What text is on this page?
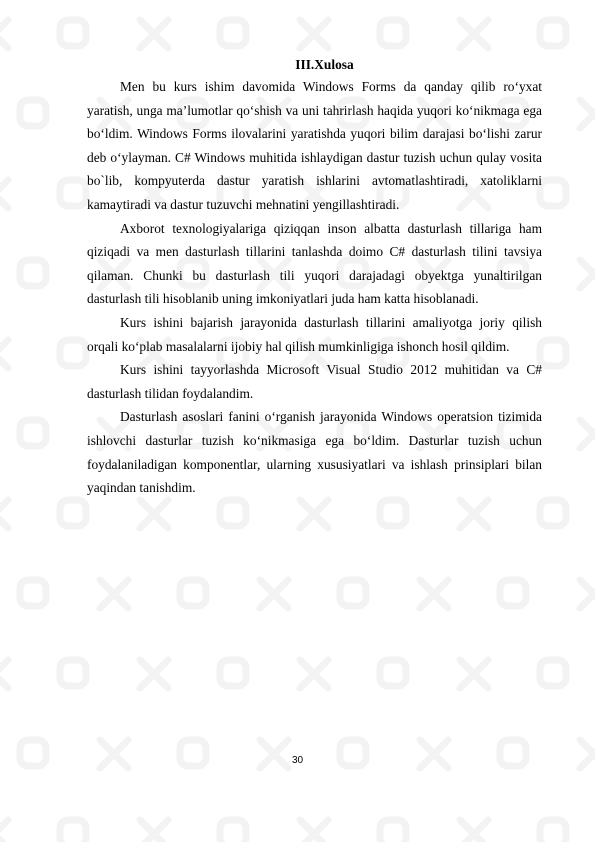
III.Xulosa

Men bu kurs ishim davomida Windows Forms da qanday qilib ro‘yxat yaratish, unga ma’lumotlar qo‘shish va uni tahrirlash haqida yuqori ko‘nikmaga ega bo‘ldim. Windows Forms ilovalarini yaratishda yuqori bilim darajasi bo‘lishi zarur deb o‘ylayman. C# Windows muhitida ishlaydigan dastur tuzish uchun qulay vosita bo`lib, kompyuterda dastur yaratish ishlarini avtomatlashtiradi, xatoliklarni kamaytiradi va dastur tuzuvchi mehnatini yengillashtiradi.

Axborot texnologiyalariga qiziqqan inson albatta dasturlash tillariga ham qiziqadi va men dasturlash tillarini tanlashda doimo C# dasturlash tilini tavsiya qilaman. Chunki bu dasturlash tili yuqori darajadagi obyektga yunaltirilgan dasturlash tili hisoblanib uning imkoniyatlari juda ham katta hisoblanadi.

Kurs ishini bajarish jarayonida dasturlash tillarini amaliyotga joriy qilish orqali ko‘plab masalalarni ijobiy hal qilish mumkinligiga ishonch hosil qildim.

Kurs ishini tayyorlashda Microsoft Visual Studio 2012 muhitidan va C# dasturlash tilidan foydalandim.

Dasturlash asoslari fanini o‘rganish jarayonida Windows operatsion tizimida ishlovchi dasturlar tuzish ko‘nikmasiga ega bo‘ldim. Dasturlar tuzish uchun foydalaniladigan komponentlar, ularning xususiyatlari va ishlash prinsiplari bilan yaqindan tanishdim.

30
